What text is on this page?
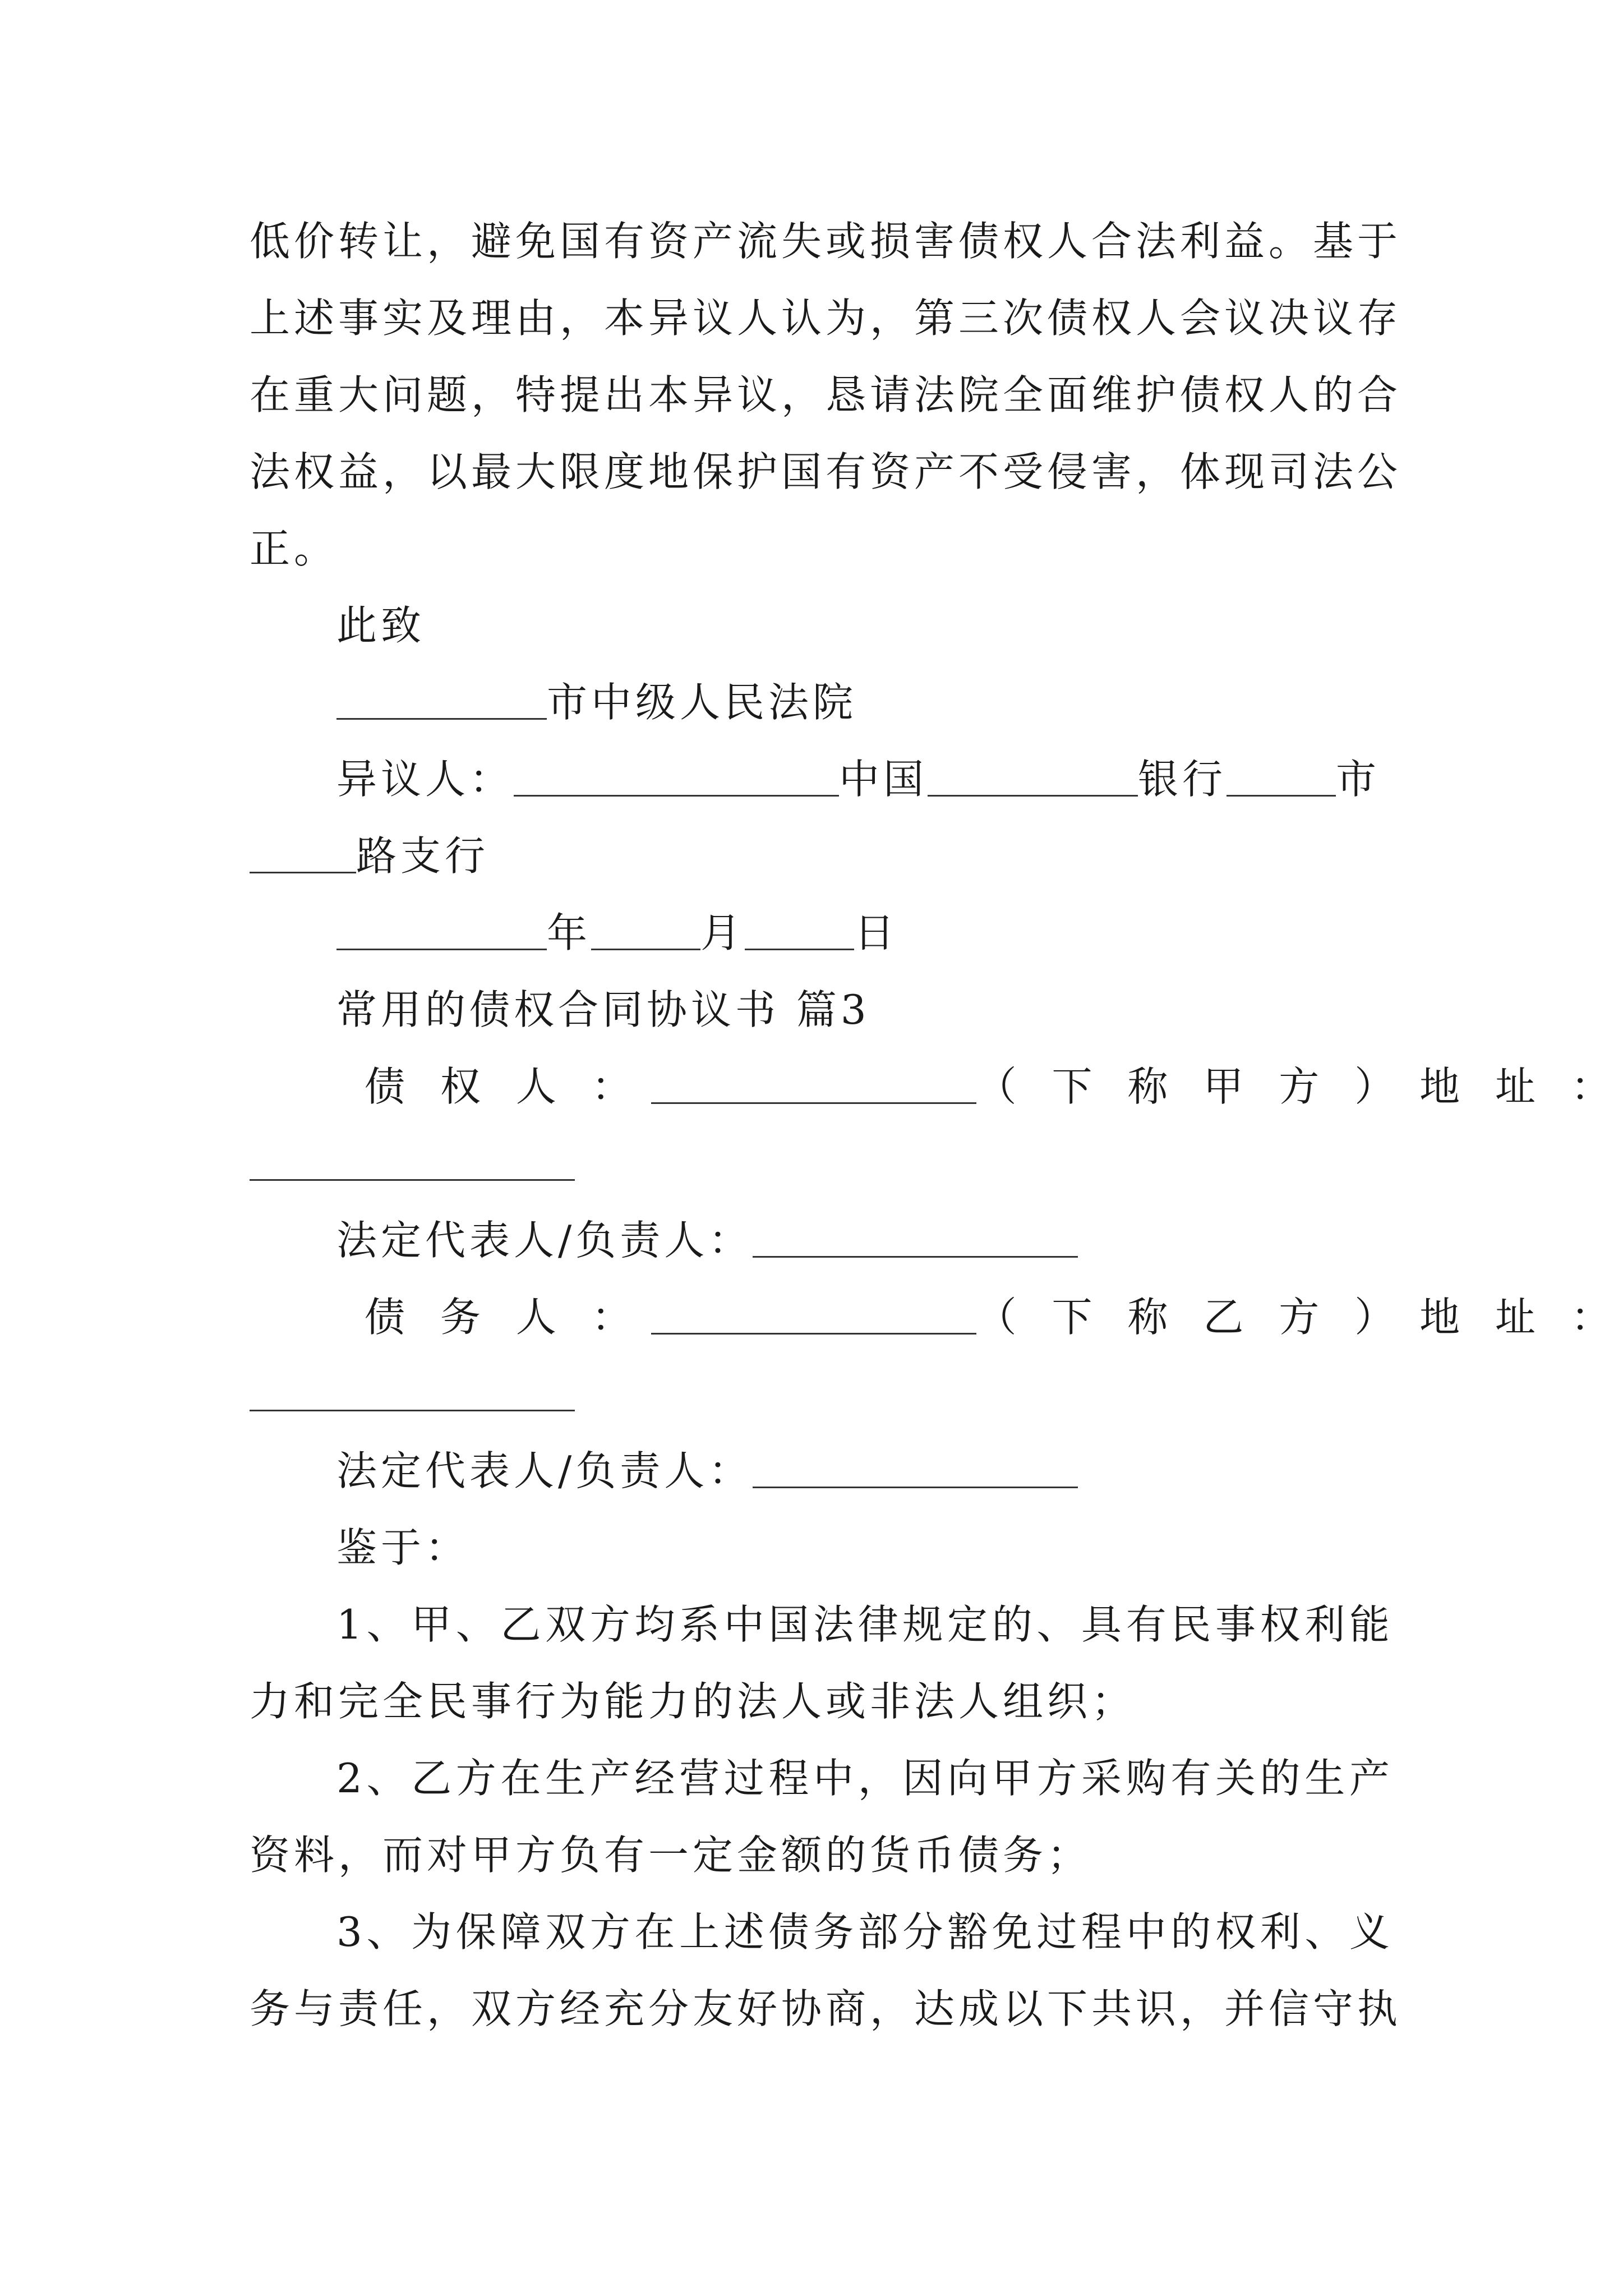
低价转让，避免国有资产流失或损害债权人合法利益。基于
上述事实及理由，本异议人认为，第三次债权人会议决议存
在重大问题，特提出本异议，恳请法院全面维护债权人的合
法权益，以最大限度地保护国有资产不受侵害，体现司法公
正。
此致
市中级人民法院
异议人：	中国	银行	市
路支行
年	月	日
常用的债权合同协议书 篇3
债 权 人 ：	（ 下 称 甲 方 ） 地 址 ：
法定代表人/负责人：
债 务 人 ：	（ 下 称 乙 方 ） 地 址 ：
法定代表人/负责人：
鉴于：
1、甲、乙双方均系中国法律规定的、具有民事权利能
力和完全民事行为能力的法人或非法人组织；
2、乙方在生产经营过程中，因向甲方采购有关的生产
资料，而对甲方负有一定金额的货币债务；
3、为保障双方在上述债务部分豁免过程中的权利、义
务与责任，双方经充分友好协商，达成以下共识，并信守执
